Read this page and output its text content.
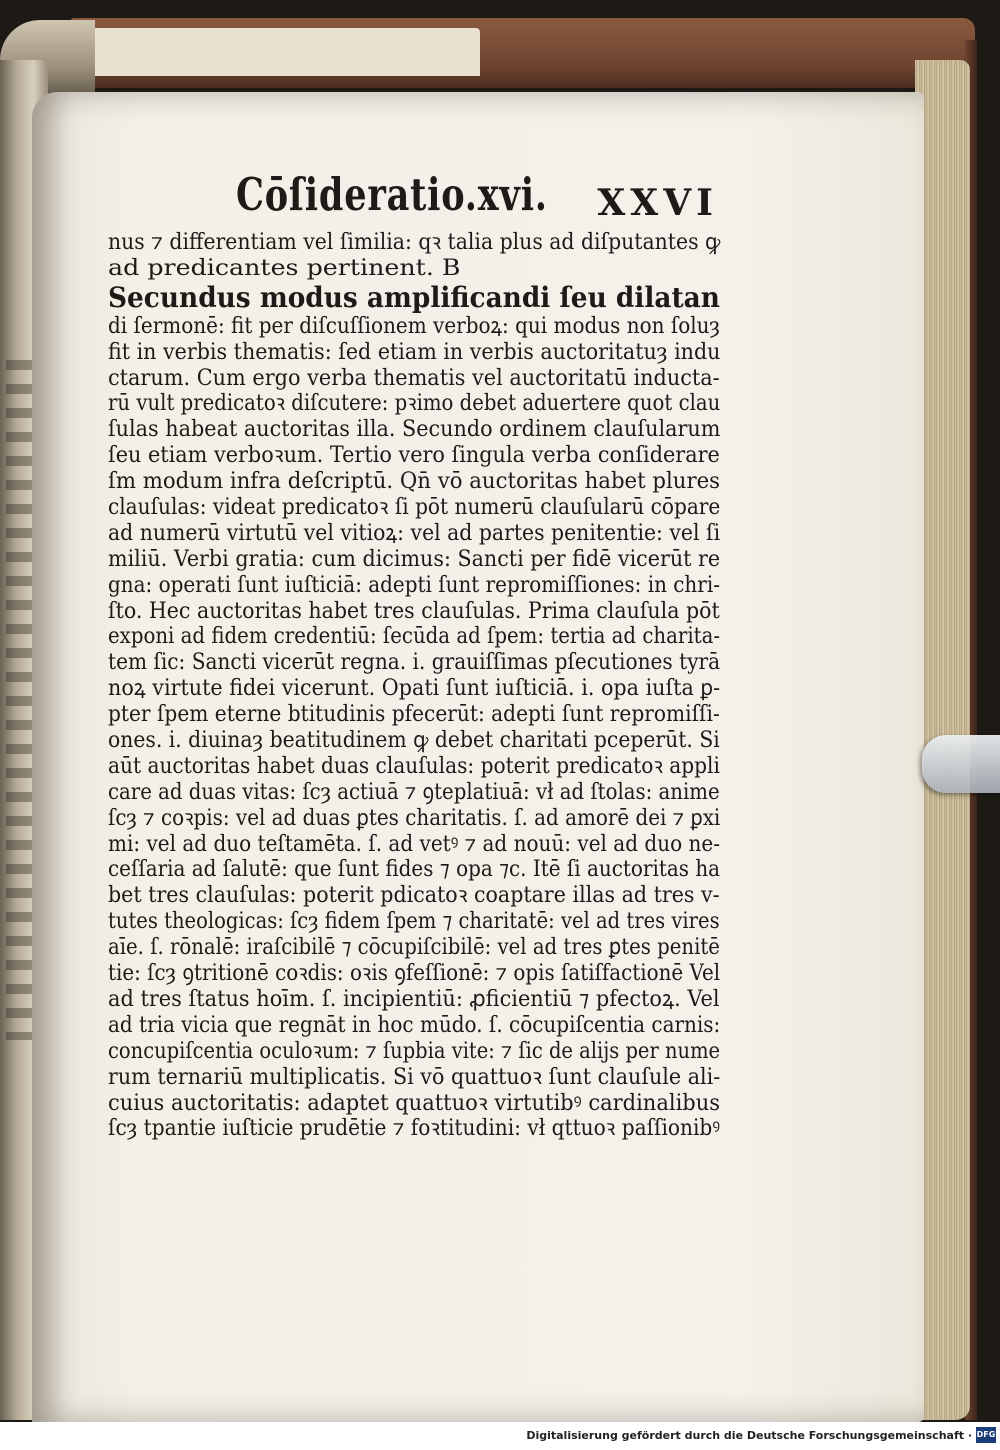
Cōſideratio.xvi. XXVI
nus ⁊ differentiam vel ſimilia: qꝛ talia plus ad diſputantes ꝙ
ad predicantes pertinent. B
Secundus modus amplificandi ſeu dilatan
di ſermonē: fit per diſcuſſionem verboꝝ: qui modus non ſoluȝ
fit in verbis thematis: ſed etiam in verbis auctoritatuȝ indu
ctarum. Cum ergo verba thematis vel auctoritatū inducta-
rū vult predicatoꝛ diſcutere: pꝛimo debet aduertere quot clau
ſulas habeat auctoritas illa. Secundo ordinem clauſularum
ſeu etiam verboꝛum. Tertio vero ſingula verba conſiderare
ſm modum infra deſcriptū. Qn̄ vō auctoritas habet plures
clauſulas: videat predicatoꝛ ſi pōt numerū clauſularū cōpare
ad numerū virtutū vel vitioꝝ: vel ad partes penitentie: vel ſi
miliū. Verbi gratia: cum dicimus: Sancti per fidē vicerūt re
gna: operati ſunt iuſticiā: adepti ſunt repromiſſiones: in chri-
ſto. Hec auctoritas habet tres clauſulas. Prima clauſula pōt
exponi ad fidem credentiū: ſecūda ad ſpem: tertia ad charita-
tem ſic: Sancti vicerūt regna. i. grauiſſimas pſecutiones tyrā
noꝝ virtute fidei vicerunt. Opati ſunt iuſticiā. i. opa iuſta ꝑ-
pter ſpem eterne btitudinis pfecerūt: adepti ſunt repromiſſi-
ones. i. diuinaȝ beatitudinem ꝙ debet charitati pceperūt. Si
aūt auctoritas habet duas clauſulas: poterit predicatoꝛ appli
care ad duas vitas: ſcȝ actiuā ⁊ ꝯteplatiuā: vł ad ſtolas: anime
ſcȝ ⁊ coꝛpis: vel ad duas ꝑtes charitatis. ſ. ad amorē dei ⁊ ꝑxi
mi: vel ad duo teſtamēta. ſ. ad vetꝰ ⁊ ad nouū: vel ad duo ne-
ceſſaria ad ſalutē: que ſunt fides ⁊ opa ⁊c. Itē ſi auctoritas ha
bet tres clauſulas: poterit pdicatoꝛ coaptare illas ad tres v-
tutes theologicas: ſcȝ fidem ſpem ⁊ charitatē: vel ad tres vires
aīe. ſ. rōnalē: iraſcibilē ⁊ cōcupiſcibilē: vel ad tres ꝑtes penitē
tie: ſcȝ ꝯtritionē coꝛdis: oꝛis ꝯfeſſionē: ⁊ opis ſatiſfactionē Vel
ad tres ſtatus hoīm. ſ. incipientiū: ꝓficientiū ⁊ pfectoꝝ. Vel
ad tria vicia que regnāt in hoc mūdo. ſ. cōcupiſcentia carnis:
concupiſcentia oculoꝛum: ⁊ ſupbia vite: ⁊ ſic de alijs per nume
rum ternariū multiplicatis. Si vō quattuoꝛ ſunt clauſule ali-
cuius auctoritatis: adaptet quattuoꝛ virtutibꝰ cardinalibus
ſcȝ tpantie iuſticie prudētie ⁊ foꝛtitudini: vł qttuoꝛ paſſionibꝰ
Digitalisierung gefördert durch die Deutsche Forschungsgemeinschaft · DFG
